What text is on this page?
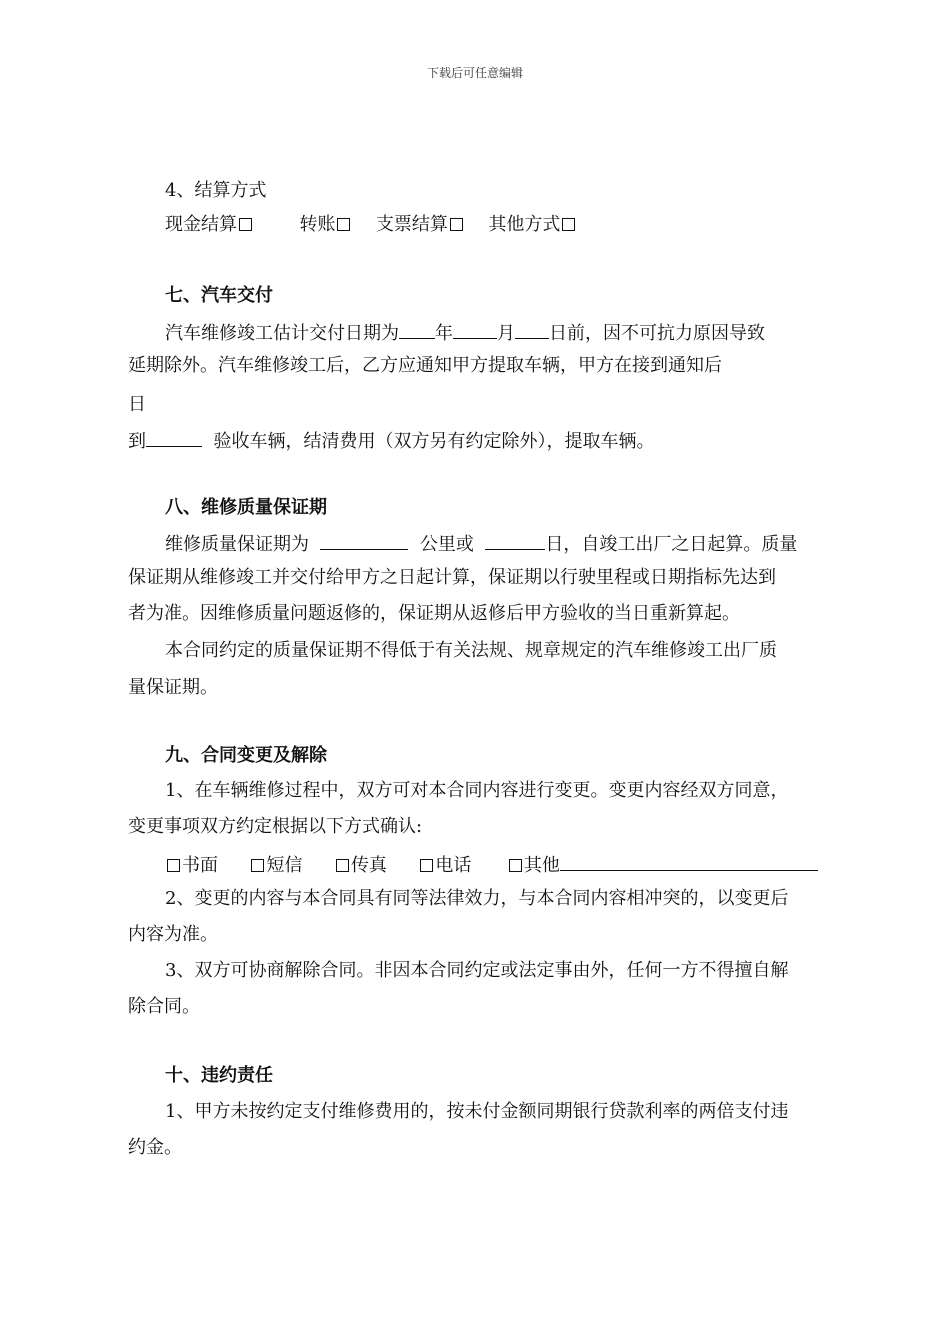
下载后可任意编辑
4、结算方式
现金结算	转账 支票结算 其他方式
七、汽车交付
汽车维修竣工估计交付日期为 年 月 日前，因不可抗力原因导致
延期除外。汽车维修竣工后，乙方应通知甲方提取车辆，甲方在接到通知后
日
到	验收车辆，结清费用（双方另有约定除外），提取车辆。
八、维修质量保证期
维修质量保证期为	公里或	日，自竣工出厂之日起算。质量
保证期从维修竣工并交付给甲方之日起计算，保证期以行驶里程或日期指标先达到
者为准。因维修质量问题返修的，保证期从返修后甲方验收的当日重新算起。
本合同约定的质量保证期不得低于有关法规、规章规定的汽车维修竣工出厂质
量保证期。
九、合同变更及解除
1、在车辆维修过程中，双方可对本合同内容进行变更。变更内容经双方同意，
变更事项双方约定根据以下方式确认:
书面	短信	传真	电话	其他
2、变更的内容与本合同具有同等法律效力，与本合同内容相冲突的，以变更后
内容为准。
3、双方可协商解除合同。非因本合同约定或法定事由外，任何一方不得擅自解
除合同。
十、违约责任
1、甲方未按约定支付维修费用的，按未付金额同期银行贷款利率的两倍支付违
约金。
